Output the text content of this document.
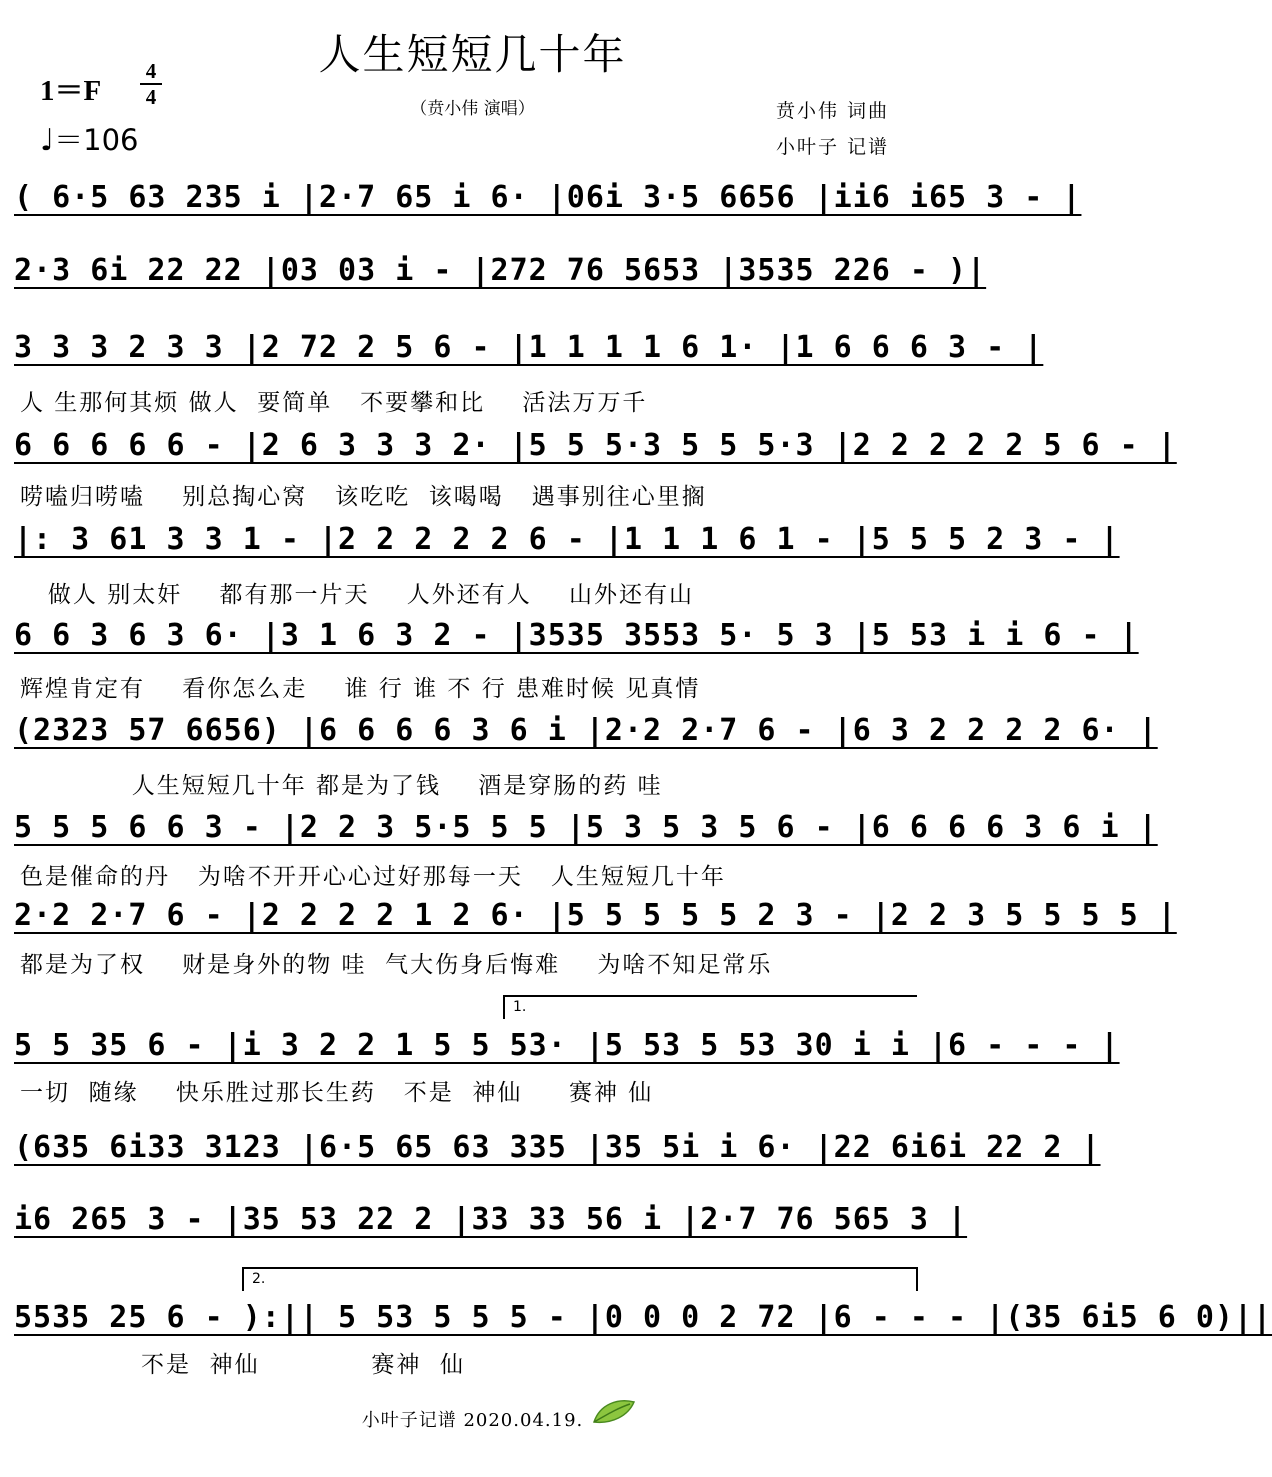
人生短短几十年
（贲小伟 演唱）
1＝F
4
4
♩＝106
贲小伟 词曲
小叶子 记谱
( 6·5 63 235 i |2·7 65 i 6· |06i 3·5 6656 |ii6 i65 3 - |
2·3 6i 22 22 |03 03 i - |272 76 5653 |3535 226 - )|
3 3 3 2 3 3 |2 72 2 5 6 - |1 1 1 1 6 1· |1 6 6 6 3 - |
人 生那何其烦 做人  要简单   不要攀和比    活法万万千
6 6 6 6 6 - |2 6 3 3 3 2· |5 5 5·3 5 5 5·3 |2 2 2 2 2 5 6 - |
唠嗑归唠嗑    别总掏心窝   该吃吃  该喝喝   遇事别往心里搁
|: 3 61 3 3 1 - |2 2 2 2 2 6 - |1 1 1 6 1 - |5 5 5 2 3 - |
做人 别太奸    都有那一片天    人外还有人    山外还有山
6 6 3 6 3 6· |3 1 6 3 2 - |3535 3553 5· 5 3 |5 53 i i 6 - |
辉煌肯定有    看你怎么走    谁 行 谁 不 行 患难时候 见真情
(2323 57 6656) |6 6 6 6 3 6 i |2·2 2·7 6 - |6 3 2 2 2 2 6· |
人生短短几十年 都是为了钱    酒是穿肠的药 哇
5 5 5 6 6 3 - |2 2 3 5·5 5 5 |5 3 5 3 5 6 - |6 6 6 6 3 6 i |
色是催命的丹   为啥不开开心心过好那每一天   人生短短几十年
2·2 2·7 6 - |2 2 2 2 1 2 6· |5 5 5 5 5 2 3 - |2 2 3 5 5 5 5 |
都是为了权    财是身外的物 哇  气大伤身后悔难    为啥不知足常乐
1.
5 5 35 6 - |i 3 2 2 1 5 5 53· |5 53 5 53 30 i i |6 - - - |
一切  随缘    快乐胜过那长生药   不是  神仙     赛神 仙
(635 6i33 3123 |6·5 65 63 335 |35 5i i 6· |22 6i6i 22 2 |
i6 265 3 - |35 53 22 2 |33 33 56 i |2·7 76 565 3 |
2.
5535 25 6 - ):|| 5 53 5 5 5 - |0 0 0 2 72 |6 - - - |(35 6i5 6 0)||
不是  神仙            赛神  仙
小叶子记谱 2020.04.19.
